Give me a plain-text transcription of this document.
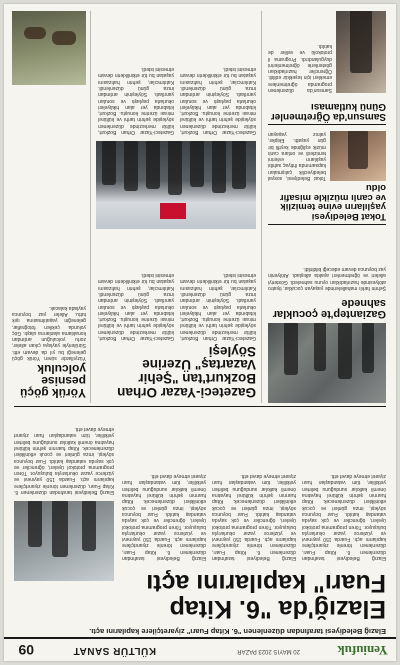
Yeniufuk
20 MAYIS 2023 PAZAR
KÜLTÜR SANAT
09
Elazığ Belediyesi tarafından düzenlenen "6. Kitap Fuarı" ziyaretçilere kapılarını açtı.
Elazığ'da "6. Kitap Fuarı" kapılarını açtı
Elazığ Belediyesi tarafından düzenlenen 6. Kitap Fuarı, düzenlenen törenle ziyaretçilere kapılarını açtı. Fuarda 150 yayınevi ve yüzlerce yazar okurlarıyla buluşuyor. Tören programına protokol üyeleri, öğrenciler ve çok sayıda vatandaş katıldı. Fuar boyunca söyleşi, imza günleri ve çocuk etkinlikleri düzenlenecek. Kitap fuarının şehrin kültürel hayatına önemli katkılar sunduğunu belirten yetkililer, tüm vatandaşları fuarı ziyaret etmeye davet etti.
Elazığ Belediyesi tarafından düzenlenen 6. Kitap Fuarı, düzenlenen törenle ziyaretçilere kapılarını açtı. Fuarda 150 yayınevi ve yüzlerce yazar okurlarıyla buluşuyor. Tören programına protokol üyeleri, öğrenciler ve çok sayıda vatandaş katıldı. Fuar boyunca söyleşi, imza günleri ve çocuk etkinlikleri düzenlenecek. Kitap fuarının şehrin kültürel hayatına önemli katkılar sunduğunu belirten yetkililer, tüm vatandaşları fuarı ziyaret etmeye davet etti.
Elazığ Belediyesi tarafından düzenlenen 6. Kitap Fuarı, düzenlenen törenle ziyaretçilere kapılarını açtı. Fuarda 150 yayınevi ve yüzlerce yazar okurlarıyla buluşuyor. Tören programına protokol üyeleri, öğrenciler ve çok sayıda vatandaş katıldı. Fuar boyunca söyleşi, imza günleri ve çocuk etkinlikleri düzenlenecek. Kitap fuarının şehrin kültürel hayatına önemli katkılar sunduğunu belirten yetkililer, tüm vatandaşları fuarı ziyaret etmeye davet etti.
Elazığ Belediyesi tarafından düzenlenen 6. Kitap Fuarı, düzenlenen törenle ziyaretçilere kapılarını açtı. Fuarda 150 yayınevi ve yüzlerce yazar okurlarıyla buluşuyor. Tören programına protokol üyeleri, öğrenciler ve çok sayıda vatandaş katıldı. Fuar boyunca söyleşi, imza günleri ve çocuk etkinlikleri düzenlenecek. Kitap fuarının şehrin kültürel hayatına önemli katkılar sunduğunu belirten yetkililer, tüm vatandaşları fuarı ziyaret etmeye davet etti.
Gaziantep'te çocuklar sahnede
Şehrin farklı mahallelerinde yaşayan çocuklar, tiyatro atölyesinde hazırladıkları oyunu sahneledi. Gösteriyi aileleri ve öğretmenleri ayakta alkışladı. Atölyenin yaz boyunca devam edeceği bildirildi.
Gazeteci-Yazar Orhan Bozkurt'tan "Şehir Vazartaş" Üzerine Söyleşi
Gazeteci-Yazar Orhan Bozkurt, kültür merkezinde düzenlenen söyleşide şehrin tarihi ve kültürel mirası üzerine konuştu. Bozkurt, kitabında yer alan hikâyeleri okurlarla paylaştı ve soruları yanıtladı. Söyleşinin ardından imza günü düzenlendi. Katılımcılar, şehrin hafızasını yaşatan bu tür etkinliklerin devam etmesini istedi.
Gazeteci-Yazar Orhan Bozkurt, kültür merkezinde düzenlenen söyleşide şehrin tarihi ve kültürel mirası üzerine konuştu. Bozkurt, kitabında yer alan hikâyeleri okurlarla paylaştı ve soruları yanıtladı. Söyleşinin ardından imza günü düzenlendi. Katılımcılar, şehrin hafızasını yaşatan bu tür etkinliklerin devam etmesini istedi.
Gazeteci-Yazar Orhan Bozkurt, kültür merkezinde düzenlenen söyleşide şehrin tarihi ve kültürel mirası üzerine konuştu. Bozkurt, kitabında yer alan hikâyeleri okurlarla paylaştı ve soruları yanıtladı. Söyleşinin ardından imza günü düzenlendi. Katılımcılar, şehrin hafızasını yaşatan bu tür etkinliklerin devam etmesini istedi.
Gazeteci-Yazar Orhan Bozkurt, kültür merkezinde düzenlenen söyleşide şehrin tarihi ve kültürel mirası üzerine konuştu. Bozkurt, kitabında yer alan hikâyeleri okurlarla paylaştı ve soruları yanıtladı. Söyleşinin ardından imza günü düzenlendi. Katılımcılar, şehrin hafızasını yaşatan bu tür etkinliklerin devam etmesini istedi.
Yörük göçü pesnise yolculuk
Yüzyıllardır süren Yörük göçü geleneği bu yıl da devam etti. Sürüleriyle yaylaya çıkan aileler, zorlu yolculuğun ardından konaklama alanlarına ulaştı. Göç yolunda çekilen fotoğraflar, geleneğin yaşatılmasına ışık tuttu. Aileler yaz boyunca yaylada kalacak.
Tokat Belediyesi yaşlıların evine temizlik ve canlı müzikle misafir oldu
Tokat Belediyesi, sosyal belediyecilik çalışmaları kapsamında ihtiyaç sahibi yaşlıların evlerini temizledi ve onlara canlı müzik eşliğinde keyifli bir gün yaşattı. Ekipler, yalnız yaşayan
Samsun'da Öğretmenler Günü kutlaması
Samsun'da düzenlenen programda öğretmenlere emekleri için teşekkür edildi. Öğrenciler hazırladıkları gösterilerle öğretmenlerini duygulandırdı. Programa il protokolü ve veliler de katıldı.
